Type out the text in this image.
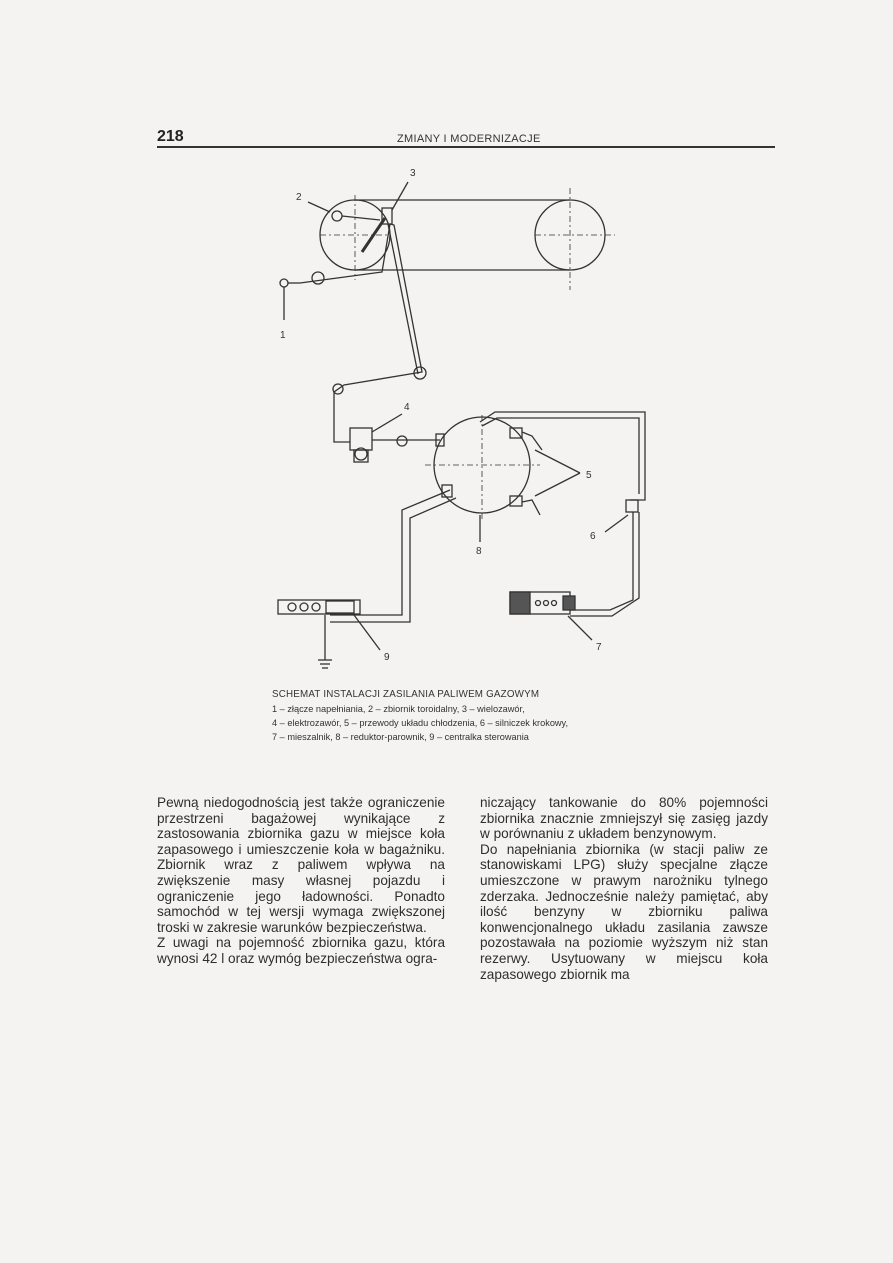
218	ZMIANY I MODERNIZACJE
2
3
1
4
5
6
8
7
9
SCHEMAT INSTALACJI ZASILANIA PALIWEM GAZOWYM
1 – złącze napełniania, 2 – zbiornik toroidalny, 3 – wielozawór,
4 – elektrozawór, 5 – przewody układu chłodzenia, 6 – silniczek krokowy,
7 – mieszalnik, 8 – reduktor-parownik, 9 – centralka sterowania

Pewną niedogodnością jest także ograniczenie przestrzeni bagażowej wynikające z zastosowania zbiornika gazu w miejsce koła zapasowego i umieszczenie koła w bagażniku. Zbiornik wraz z paliwem wpływa na zwiększenie masy własnej pojazdu i ograniczenie jego ładowności. Ponadto samochód w tej wersji wymaga zwiększonej troski w zakresie warunków bezpieczeństwa.

Z uwagi na pojemność zbiornika gazu, która wynosi 42 l oraz wymóg bezpieczeństwa ogra-

niczający tankowanie do 80% pojemności zbiornika znacznie zmniejszył się zasięg jazdy w porównaniu z układem benzynowym.

Do napełniania zbiornika (w stacji paliw ze stanowiskami LPG) służy specjalne złącze umieszczone w prawym narożniku tylnego zderzaka. Jednocześnie należy pamiętać, aby ilość benzyny w zbiorniku paliwa konwencjonalnego układu zasilania zawsze pozostawała na poziomie wyższym niż stan rezerwy. Usytuowany w miejscu koła zapasowego zbiornik ma
